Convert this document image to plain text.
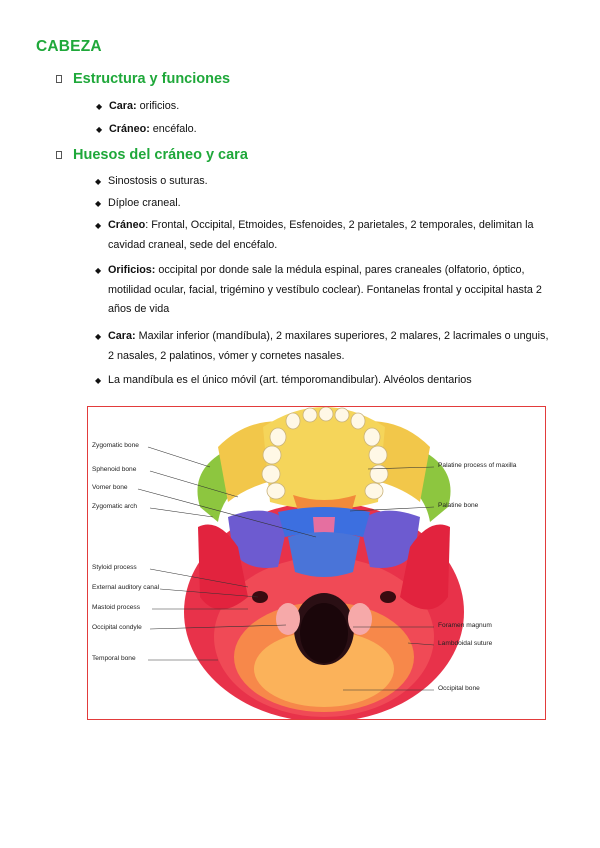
CABEZA
Estructura y funciones
◆ Cara: orificios.
◆ Cráneo: encéfalo.
Huesos del cráneo y cara
◆ Sinostosis o suturas.
◆ Díploe craneal.
◆ Cráneo: Frontal, Occipital, Etmoides, Esfenoides, 2 parietales, 2 temporales, delimitan la
cavidad craneal, sede del encéfalo.
◆ Orificios: occipital por donde sale la médula espinal, pares craneales (olfatorio, óptico,
motilidad ocular, facial, trigémino y vestíbulo coclear). Fontanelas frontal y occipital hasta 2
años de vida
◆ Cara: Maxilar inferior (mandíbula), 2 maxilares superiores, 2 malares, 2 lacrimales o unguis,
2 nasales, 2 palatinos, vómer y cornetes nasales.
◆ La mandíbula es el único móvil (art. témporomandibular). Alvéolos dentarios
Zygomatic bone
Sphenoid bone
Vomer bone
Zygomatic arch
Styloid process
External auditory canal
Mastoid process
Occipital condyle
Temporal bone
Palatine process of maxilla
Palatine bone
Foramen magnum
Lambdoidal suture
Occipital bone
